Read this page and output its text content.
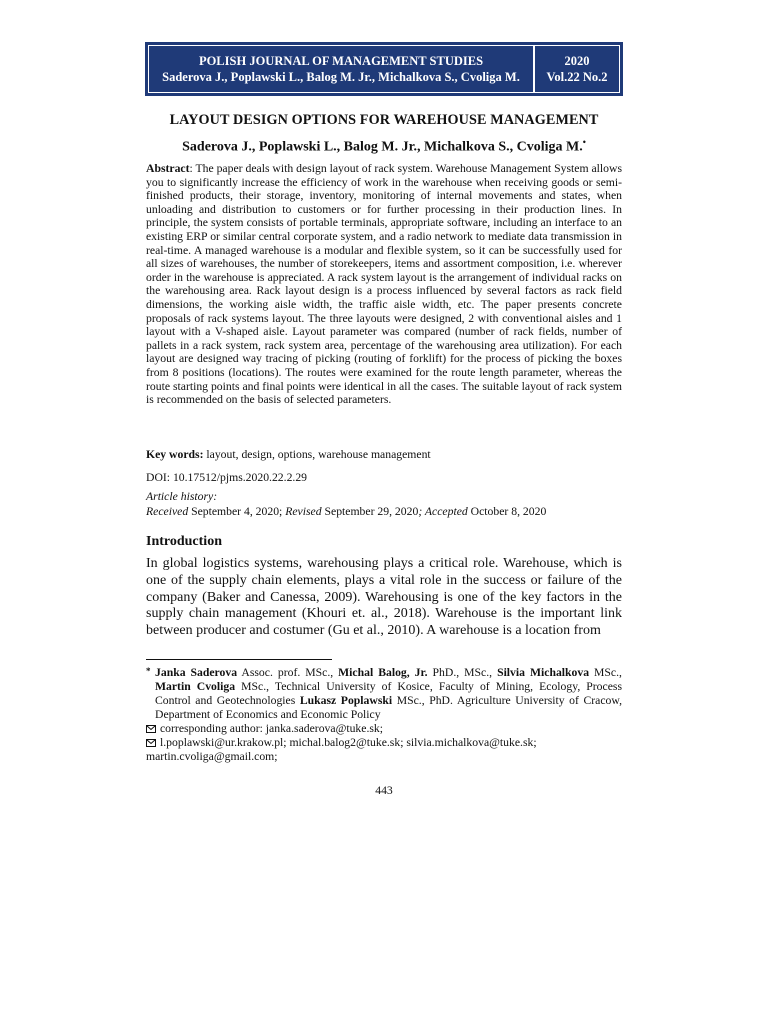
POLISH JOURNAL OF MANAGEMENT STUDIES
Saderova J., Poplawski L., Balog M. Jr., Michalkova S., Cvoliga M.
2020
Vol.22 No.2
LAYOUT DESIGN OPTIONS FOR WAREHOUSE MANAGEMENT
Saderova J., Poplawski L., Balog M. Jr., Michalkova S., Cvoliga M.•

Abstract: The paper deals with design layout of rack system. Warehouse Management System allows you to significantly increase the efficiency of work in the warehouse when receiving goods or semi-finished products, their storage, inventory, monitoring of internal movements and states, when unloading and distribution to customers or for further processing in their production lines. In principle, the system consists of portable terminals, appropriate software, including an interface to an existing ERP or similar central corporate system, and a radio network to mediate data transmission in real-time. A managed warehouse is a modular and flexible system, so it can be successfully used for all sizes of warehouses, the number of storekeepers, items and assortment composition, i.e. wherever order in the warehouse is appreciated. A rack system layout is the arrangement of individual racks on the warehousing area. Rack layout design is a process influenced by several factors as rack field dimensions, the working aisle width, the traffic aisle width, etc. The paper presents concrete proposals of rack systems layout. The three layouts were designed, 2 with conventional aisles and 1 layout with a V-shaped aisle. Layout parameter was compared (number of rack fields, number of pallets in a rack system, rack system area, percentage of the warehousing area utilization). For each layout are designed way tracing of picking (routing of forklift) for the process of picking the boxes from 8 positions (locations). The routes were examined for the route length parameter, whereas the route starting points and final points were identical in all the cases. The suitable layout of rack system is recommended on the basis of selected parameters.

Key words: layout, design, options, warehouse management
DOI: 10.17512/pjms.2020.22.2.29
Article history:
Received September 4, 2020; Revised September 29, 2020; Accepted October 8, 2020
Introduction

In global logistics systems, warehousing plays a critical role. Warehouse, which is one of the supply chain elements, plays a vital role in the success or failure of the company (Baker and Canessa, 2009). Warehousing is one of the key factors in the supply chain management (Khouri et. al., 2018). Warehouse is the important link between producer and costumer (Gu et al., 2010). A warehouse is a location from

* Janka Saderova Assoc. prof. MSc., Michal Balog, Jr. PhD., MSc., Silvia Michalkova MSc., Martin Cvoliga MSc., Technical University of Kosice, Faculty of Mining, Ecology, Process Control and Geotechnologies Lukasz Poplawski MSc., PhD. Agriculture University of Cracow, Department of Economics and Economic Policy
corresponding author: janka.saderova@tuke.sk;
l.poplawski@ur.krakow.pl; michal.balog2@tuke.sk; silvia.michalkova@tuke.sk;
martin.cvoliga@gmail.com;
443
